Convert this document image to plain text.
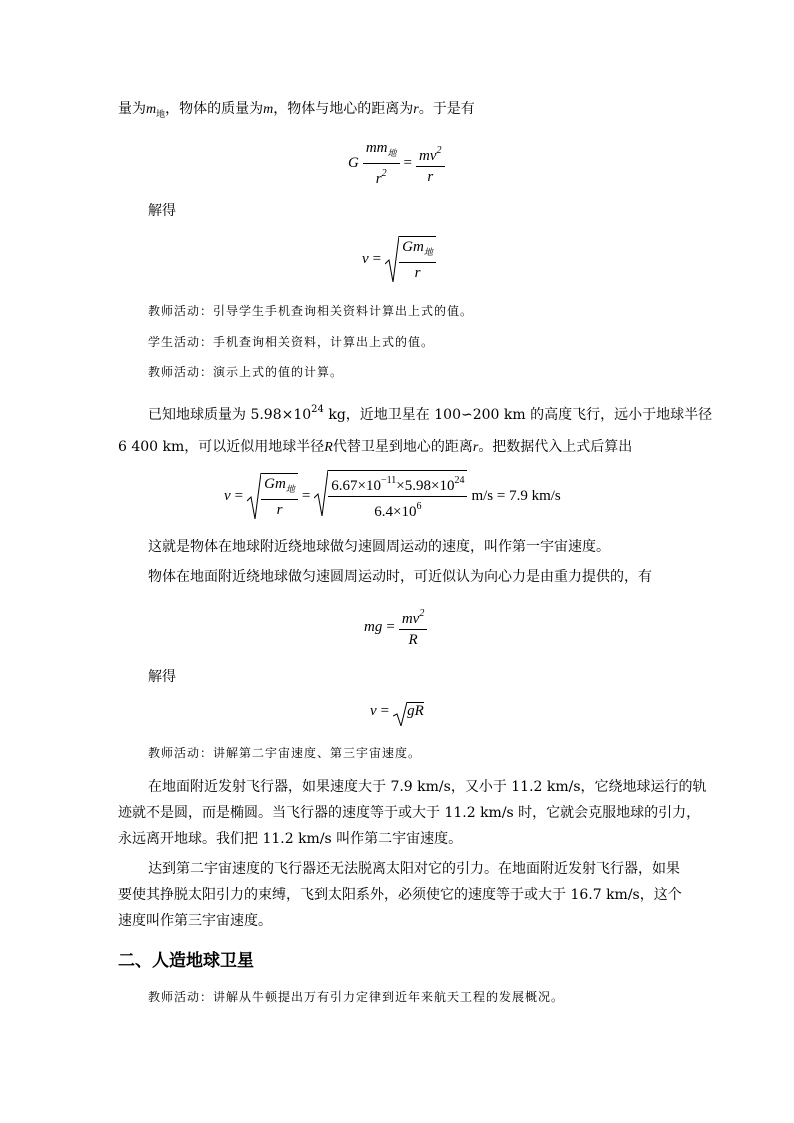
量为$m_地$，物体的质量为m，物体与地心的距离为r。于是有
G $\frac{mm_地}{r^2} = \frac{mv^2}{r}$
解得
$v = \frac{Gm_地}{r}$
教师活动：引导学生手机查询相关资料计算出上式的值。
学生活动：手机查询相关资料，计算出上式的值。
教师活动：演示上式的值的计算。
已知地球质量为 $5.98\times 10^{24}$ kg，近地卫星在 100∽200 km 的高度飞行，远小于地球半径
6 400 km，可以近似用地球半径R代替卫星到地心的距离r。把数据代入上式后算出
$v = \frac{Gm_地}{r} = \frac{6.67\times 10^{-11}\times 5.98\times 10^{24}}{6.4\times 10^6} m/s = 7.9$ km/s
这就是物体在地球附近绕地球做匀速圆周运动的速度，叫作第一宇宙速度。
物体在地面附近绕地球做匀速圆周运动时，可近似认为向心力是由重力提供的，有
mg = $\frac{mv^2}{R}$
解得
v =	gR
教师活动：讲解第二宇宙速度、第三宇宙速度。
在地面附近发射飞行器，如果速度大于 7.9 km/s，又小于 11.2 km/s，它绕地球运行的轨
迹就不是圆，而是椭圆。当飞行器的速度等于或大于 11.2 km/s 时，它就会克服地球的引力，
永远离开地球。我们把 11.2 km/s 叫作第二宇宙速度。
达到第二宇宙速度的飞行器还无法脱离太阳对它的引力。在地面附近发射飞行器，如果
要使其挣脱太阳引力的束缚，飞到太阳系外，必须使它的速度等于或大于 16.7 km/s，这个
速度叫作第三宇宙速度。
二、人造地球卫星
教师活动：讲解从牛顿提出万有引力定律到近年来航天工程的发展概况。
